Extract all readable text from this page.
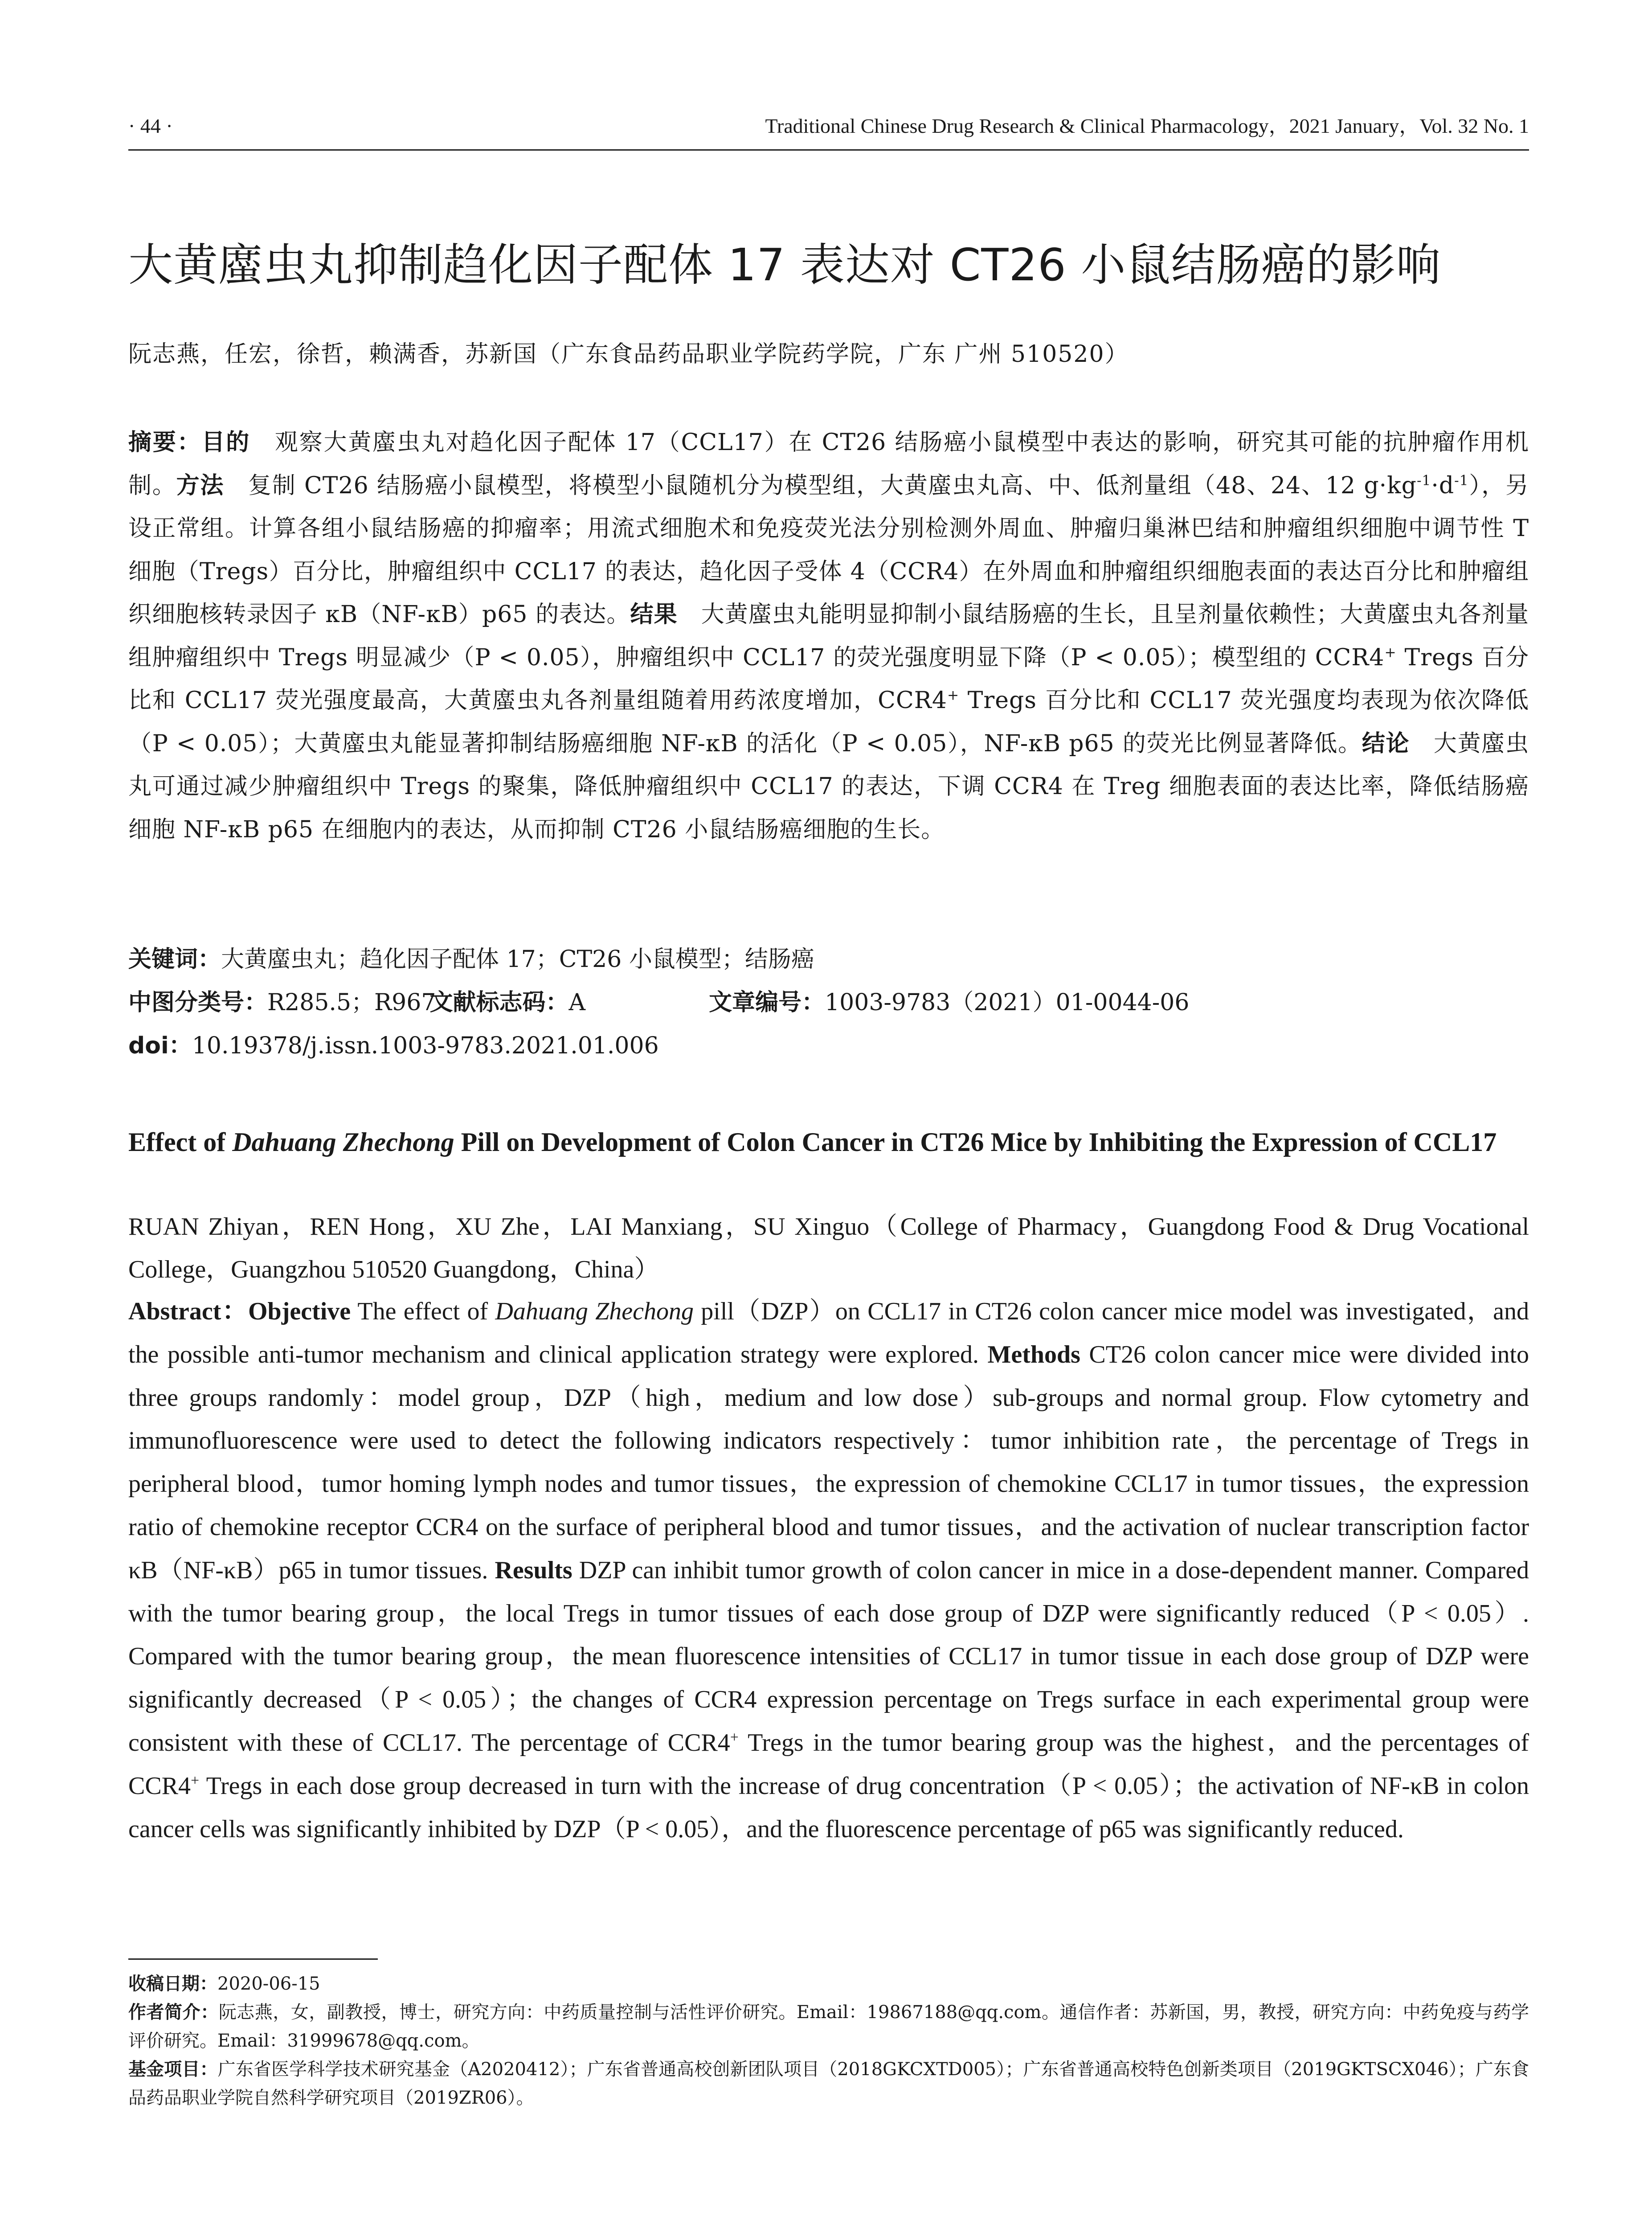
· 44 ·	Traditional Chinese Drug Research & Clinical Pharmacology，2021 January，Vol. 32 No. 1
大黄䗪虫丸抑制趋化因子配体 17 表达对 CT26 小鼠结肠癌的影响
阮志燕，任宏，徐哲，赖满香，苏新国（广东食品药品职业学院药学院，广东 广州 510520）
摘要：目的　观察大黄䗪虫丸对趋化因子配体 17（CCL17）在 CT26 结肠癌小鼠模型中表达的影响，研究其可能的抗肿瘤作用机制。方法　复制 CT26 结肠癌小鼠模型，将模型小鼠随机分为模型组，大黄䗪虫丸高、中、低剂量组（48、24、12 $g\cdot kg^{-1}\cdot d^{-1}$），另设正常组。计算各组小鼠结肠癌的抑瘤率；用流式细胞术和免疫荧光法分别检测外周血、肿瘤归巢淋巴结和肿瘤组织细胞中调节性 T 细胞（Tregs）百分比，肿瘤组织中 CCL17 的表达，趋化因子受体 4（CCR4）在外周血和肿瘤组织细胞表面的表达百分比和肿瘤组织细胞核转录因子 κB（NF-κB）p65 的表达。结果　大黄䗪虫丸能明显抑制小鼠结肠癌的生长，且呈剂量依赖性；大黄䗪虫丸各剂量组肿瘤组织中 Tregs 明显减少（P < 0.05），肿瘤组织中 CCL17 的荧光强度明显下降（P < 0.05）；模型组的 CCR4+ Tregs 百分比和 CCL17 荧光强度最高，大黄䗪虫丸各剂量组随着用药浓度增加，CCR4+ Tregs 百分比和 CCL17 荧光强度均表现为依次降低（P < 0.05）；大黄䗪虫丸能显著抑制结肠癌细胞 NF-κB 的活化（P < 0.05），NF-κB p65 的荧光比例显著降低。结论　大黄䗪虫丸可通过减少肿瘤组织中 Tregs 的聚集，降低肿瘤组织中 CCL17 的表达，下调 CCR4 在 Treg 细胞表面的表达比率，降低结肠癌细胞 NF-κB p65 在细胞内的表达，从而抑制 CT26 小鼠结肠癌细胞的生长。
关键词：大黄䗪虫丸；趋化因子配体 17；CT26 小鼠模型；结肠癌
中图分类号：R285.5；R967 文献标志码：A	文章编号：1003-9783（2021）01-0044-06
doi：10.19378/j.issn.1003-9783.2021.01.006
Effect of Dahuang Zhechong Pill on Development of Colon Cancer in CT26 Mice by Inhibiting the Expression of CCL17
RUAN Zhiyan，REN Hong，XU Zhe，LAI Manxiang，SU Xinguo（College of Pharmacy，Guangdong Food & Drug Vocational College，Guangzhou 510520 Guangdong，China）
Abstract：Objective The effect of Dahuang Zhechong pill（DZP）on CCL17 in CT26 colon cancer mice model was investigated，and the possible anti-tumor mechanism and clinical application strategy were explored. Methods CT26 colon cancer mice were divided into three groups randomly：model group，DZP（high，medium and low dose）sub-groups and normal group. Flow cytometry and immunofluorescence were used to detect the following indicators respectively：tumor inhibition rate，the percentage of Tregs in peripheral blood，tumor homing lymph nodes and tumor tissues，the expression of chemokine CCL17 in tumor tissues，the expression ratio of chemokine receptor CCR4 on the surface of peripheral blood and tumor tissues，and the activation of nuclear transcription factor κB（NF-κB）p65 in tumor tissues. Results DZP can inhibit tumor growth of colon cancer in mice in a dose-dependent manner. Compared with the tumor bearing group，the local Tregs in tumor tissues of each dose group of DZP were significantly reduced（P < 0.05）. Compared with the tumor bearing group，the mean fluorescence intensities of CCL17 in tumor tissue in each dose group of DZP were significantly decreased（P < 0.05）；the changes of CCR4 expression percentage on Tregs surface in each experimental group were consistent with these of CCL17. The percentage of CCR4+ Tregs in the tumor bearing group was the highest，and the percentages of CCR4+ Tregs in each dose group decreased in turn with the increase of drug concentration（P < 0.05）；the activation of NF-κB in colon cancer cells was significantly inhibited by DZP（P < 0.05），and the fluorescence percentage of p65 was significantly reduced.

收稿日期：2020-06-15

作者简介：阮志燕，女，副教授，博士，研究方向：中药质量控制与活性评价研究。Email：19867188@qq.com。通信作者：苏新国，男，教授，研究方向：中药免疫与药学评价研究。Email：31999678@qq.com。

基金项目：广东省医学科学技术研究基金（A2020412）；广东省普通高校创新团队项目（2018GKCXTD005）；广东省普通高校特色创新类项目（2019GKTSCX046）；广东食品药品职业学院自然科学研究项目（2019ZR06）。
